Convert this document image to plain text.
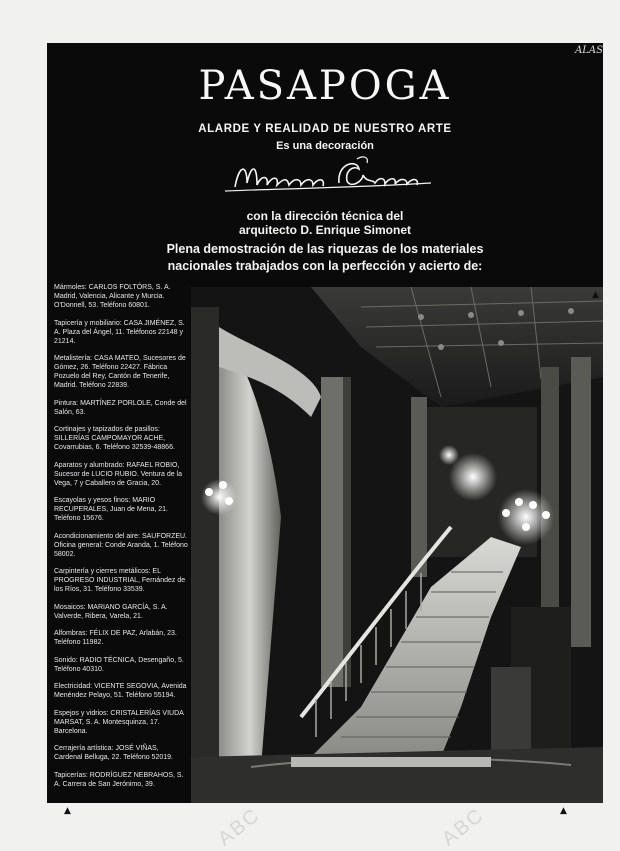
ABC	ABC
ALAS
PASAPOGA
ALARDE Y REALIDAD DE NUESTRO ARTE
Es una decoración
con la dirección técnica del
arquitecto D. Enrique Simonet
Plena demostración de las riquezas de los materiales
nacionales trabajados con la perfección y acierto de:
Mármoles: CARLOS FOLTÓRS, S. A. Madrid, Valencia, Alicante y Murcia. O'Donnell, 53. Teléfono 60801.
Tapicería y mobiliario: CASA JIMÉNEZ, S. A. Plaza del Ángel, 11. Teléfonos 22148 y 21214.
Metalistería: CASA MATEO, Sucesores de Gómez, 26. Teléfono 22427. Fábrica Pozuelo del Rey, Cantón de Tenerife, Madrid. Teléfono 22839.
Pintura: MARTÍNEZ PORLOLE, Conde del Salón, 63.
Cortinajes y tapizados de pasillos: SILLERÍAS CAMPOMAYOR ACHE, Covarrubias, 6. Teléfono 32539-48866.
Aparatos y alumbrado: RAFAEL ROBIO, Sucesor de LUCIO RUBIO. Ventura de la Vega, 7 y Caballero de Gracia, 20.
Escayolas y yesos finos: MARIO RECUPERALES, Juan de Mena, 21. Teléfono 15676.
Acondicionamiento del aire: SAUFORZEU. Oficina general: Conde Aranda, 1. Teléfono 58002.
Carpintería y cierres metálicos: EL PROGRESO INDUSTRIAL, Fernández de los Ríos, 31. Teléfono 33539.
Mosaicos: MARIANO GARCÍA, S. A. Valverde, Ribera, Varela, 21.
Alfombras: FÉLIX DE PAZ, Arlabán, 23. Teléfono 11982.
Sonido: RADIO TÉCNICA, Desengaño, 5. Teléfono 40310.
Electricidad: VICENTE SEGOVIA, Avenida Menéndez Pelayo, 51. Teléfono 55194.
Espejos y vidrios: CRISTALERÍAS VIUDA MARSAT, S. A. Montesquinza, 17. Barcelona.
Cerrajería artística: JOSÉ VIÑAS, Cardenal Belluga, 22. Teléfono 52019.
Tapicerías: RODRÍGUEZ NEBRAHOS, S. A. Carrera de San Jerónimo, 39.
▲	▲
▲
